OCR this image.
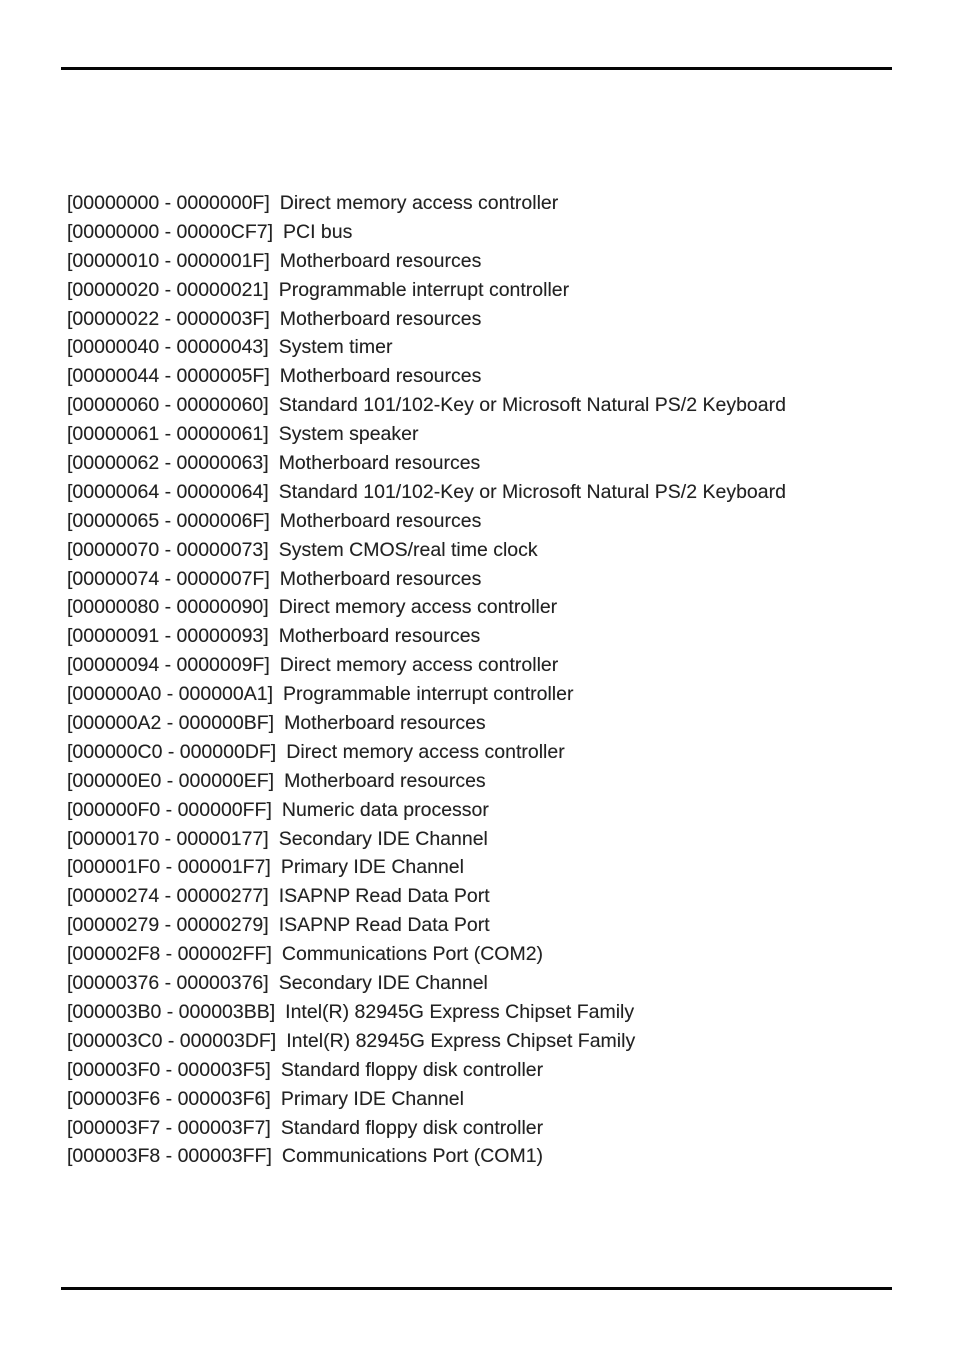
[00000000 - 0000000F] Direct memory access controller
[00000000 - 00000CF7] PCI bus
[00000010 - 0000001F] Motherboard resources
[00000020 - 00000021] Programmable interrupt controller
[00000022 - 0000003F] Motherboard resources
[00000040 - 00000043] System timer
[00000044 - 0000005F] Motherboard resources
[00000060 - 00000060] Standard 101/102-Key or Microsoft Natural PS/2 Keyboard
[00000061 - 00000061] System speaker
[00000062 - 00000063] Motherboard resources
[00000064 - 00000064] Standard 101/102-Key or Microsoft Natural PS/2 Keyboard
[00000065 - 0000006F] Motherboard resources
[00000070 - 00000073] System CMOS/real time clock
[00000074 - 0000007F] Motherboard resources
[00000080 - 00000090] Direct memory access controller
[00000091 - 00000093] Motherboard resources
[00000094 - 0000009F] Direct memory access controller
[000000A0 - 000000A1] Programmable interrupt controller
[000000A2 - 000000BF] Motherboard resources
[000000C0 - 000000DF] Direct memory access controller
[000000E0 - 000000EF] Motherboard resources
[000000F0 - 000000FF] Numeric data processor
[00000170 - 00000177] Secondary IDE Channel
[000001F0 - 000001F7] Primary IDE Channel
[00000274 - 00000277] ISAPNP Read Data Port
[00000279 - 00000279] ISAPNP Read Data Port
[000002F8 - 000002FF] Communications Port (COM2)
[00000376 - 00000376] Secondary IDE Channel
[000003B0 - 000003BB] Intel(R) 82945G Express Chipset Family
[000003C0 - 000003DF] Intel(R) 82945G Express Chipset Family
[000003F0 - 000003F5] Standard floppy disk controller
[000003F6 - 000003F6] Primary IDE Channel
[000003F7 - 000003F7] Standard floppy disk controller
[000003F8 - 000003FF] Communications Port (COM1)
